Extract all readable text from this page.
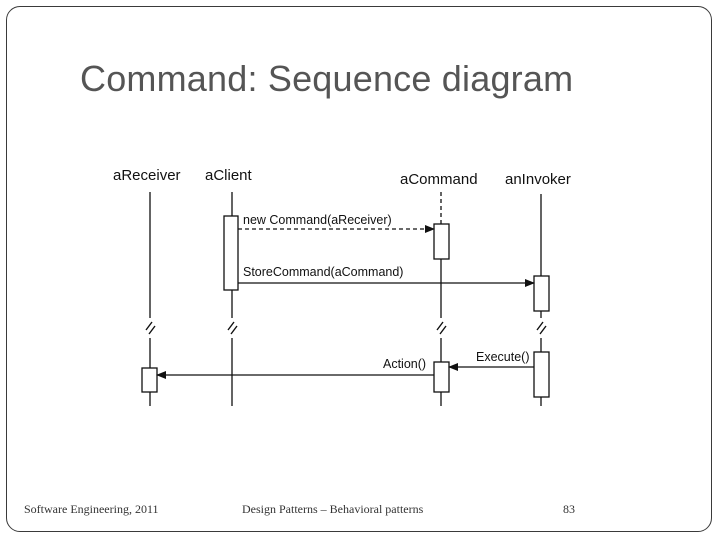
Command: Sequence diagram
aReceiver aClient	aCommand anInvoker
new Command(aReceiver)
StoreCommand(aCommand)
Execute()
Action()
Software Engineering, 2011	Design Patterns – Behavioral patterns	83
